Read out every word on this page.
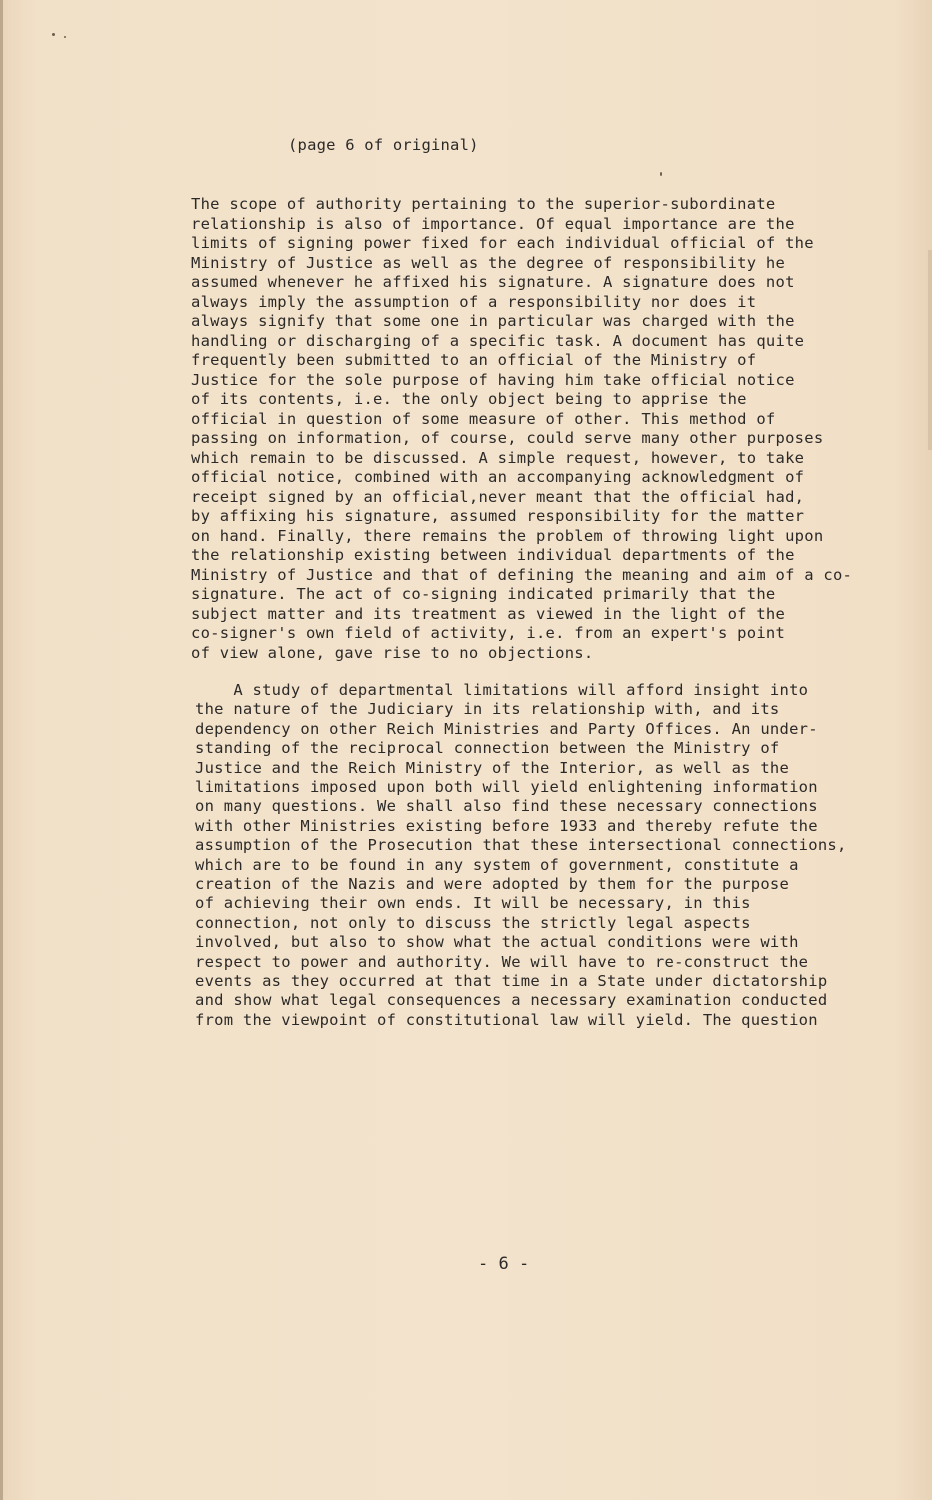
(page 6 of original)
The scope of authority pertaining to the superior-subordinate
relationship is also of importance. Of equal importance are the
limits of signing power fixed for each individual official of the
Ministry of Justice as well as the degree of responsibility he
assumed whenever he affixed his signature. A signature does not
always imply the assumption of a responsibility nor does it
always signify that some one in particular was charged with the
handling or discharging of a specific task. A document has quite
frequently been submitted to an official of the Ministry of
Justice for the sole purpose of having him take official notice
of its contents, i.e. the only object being to apprise the
official in question of some measure of other. This method of
passing on information, of course, could serve many other purposes
which remain to be discussed. A simple request, however, to take
official notice, combined with an accompanying acknowledgment of
receipt signed by an official,never meant that the official had,
by affixing his signature, assumed responsibility for the matter
on hand. Finally, there remains the problem of throwing light upon
the relationship existing between individual departments of the
Ministry of Justice and that of defining the meaning and aim of a co-
signature. The act of co-signing indicated primarily that the
subject matter and its treatment as viewed in the light of the
co-signer's own field of activity, i.e. from an expert's point
of view alone, gave rise to no objections.
A study of departmental limitations will afford insight into
the nature of the Judiciary in its relationship with, and its
dependency on other Reich Ministries and Party Offices. An under-
standing of the reciprocal connection between the Ministry of
Justice and the Reich Ministry of the Interior, as well as the
limitations imposed upon both will yield enlightening information
on many questions. We shall also find these necessary connections
with other Ministries existing before 1933 and thereby refute the
assumption of the Prosecution that these intersectional connections,
which are to be found in any system of government, constitute a
creation of the Nazis and were adopted by them for the purpose
of achieving their own ends. It will be necessary, in this
connection, not only to discuss the strictly legal aspects
involved, but also to show what the actual conditions were with
respect to power and authority. We will have to re-construct the
events as they occurred at that time in a State under dictatorship
and show what legal consequences a necessary examination conducted
from the viewpoint of constitutional law will yield. The question
- 6 -
